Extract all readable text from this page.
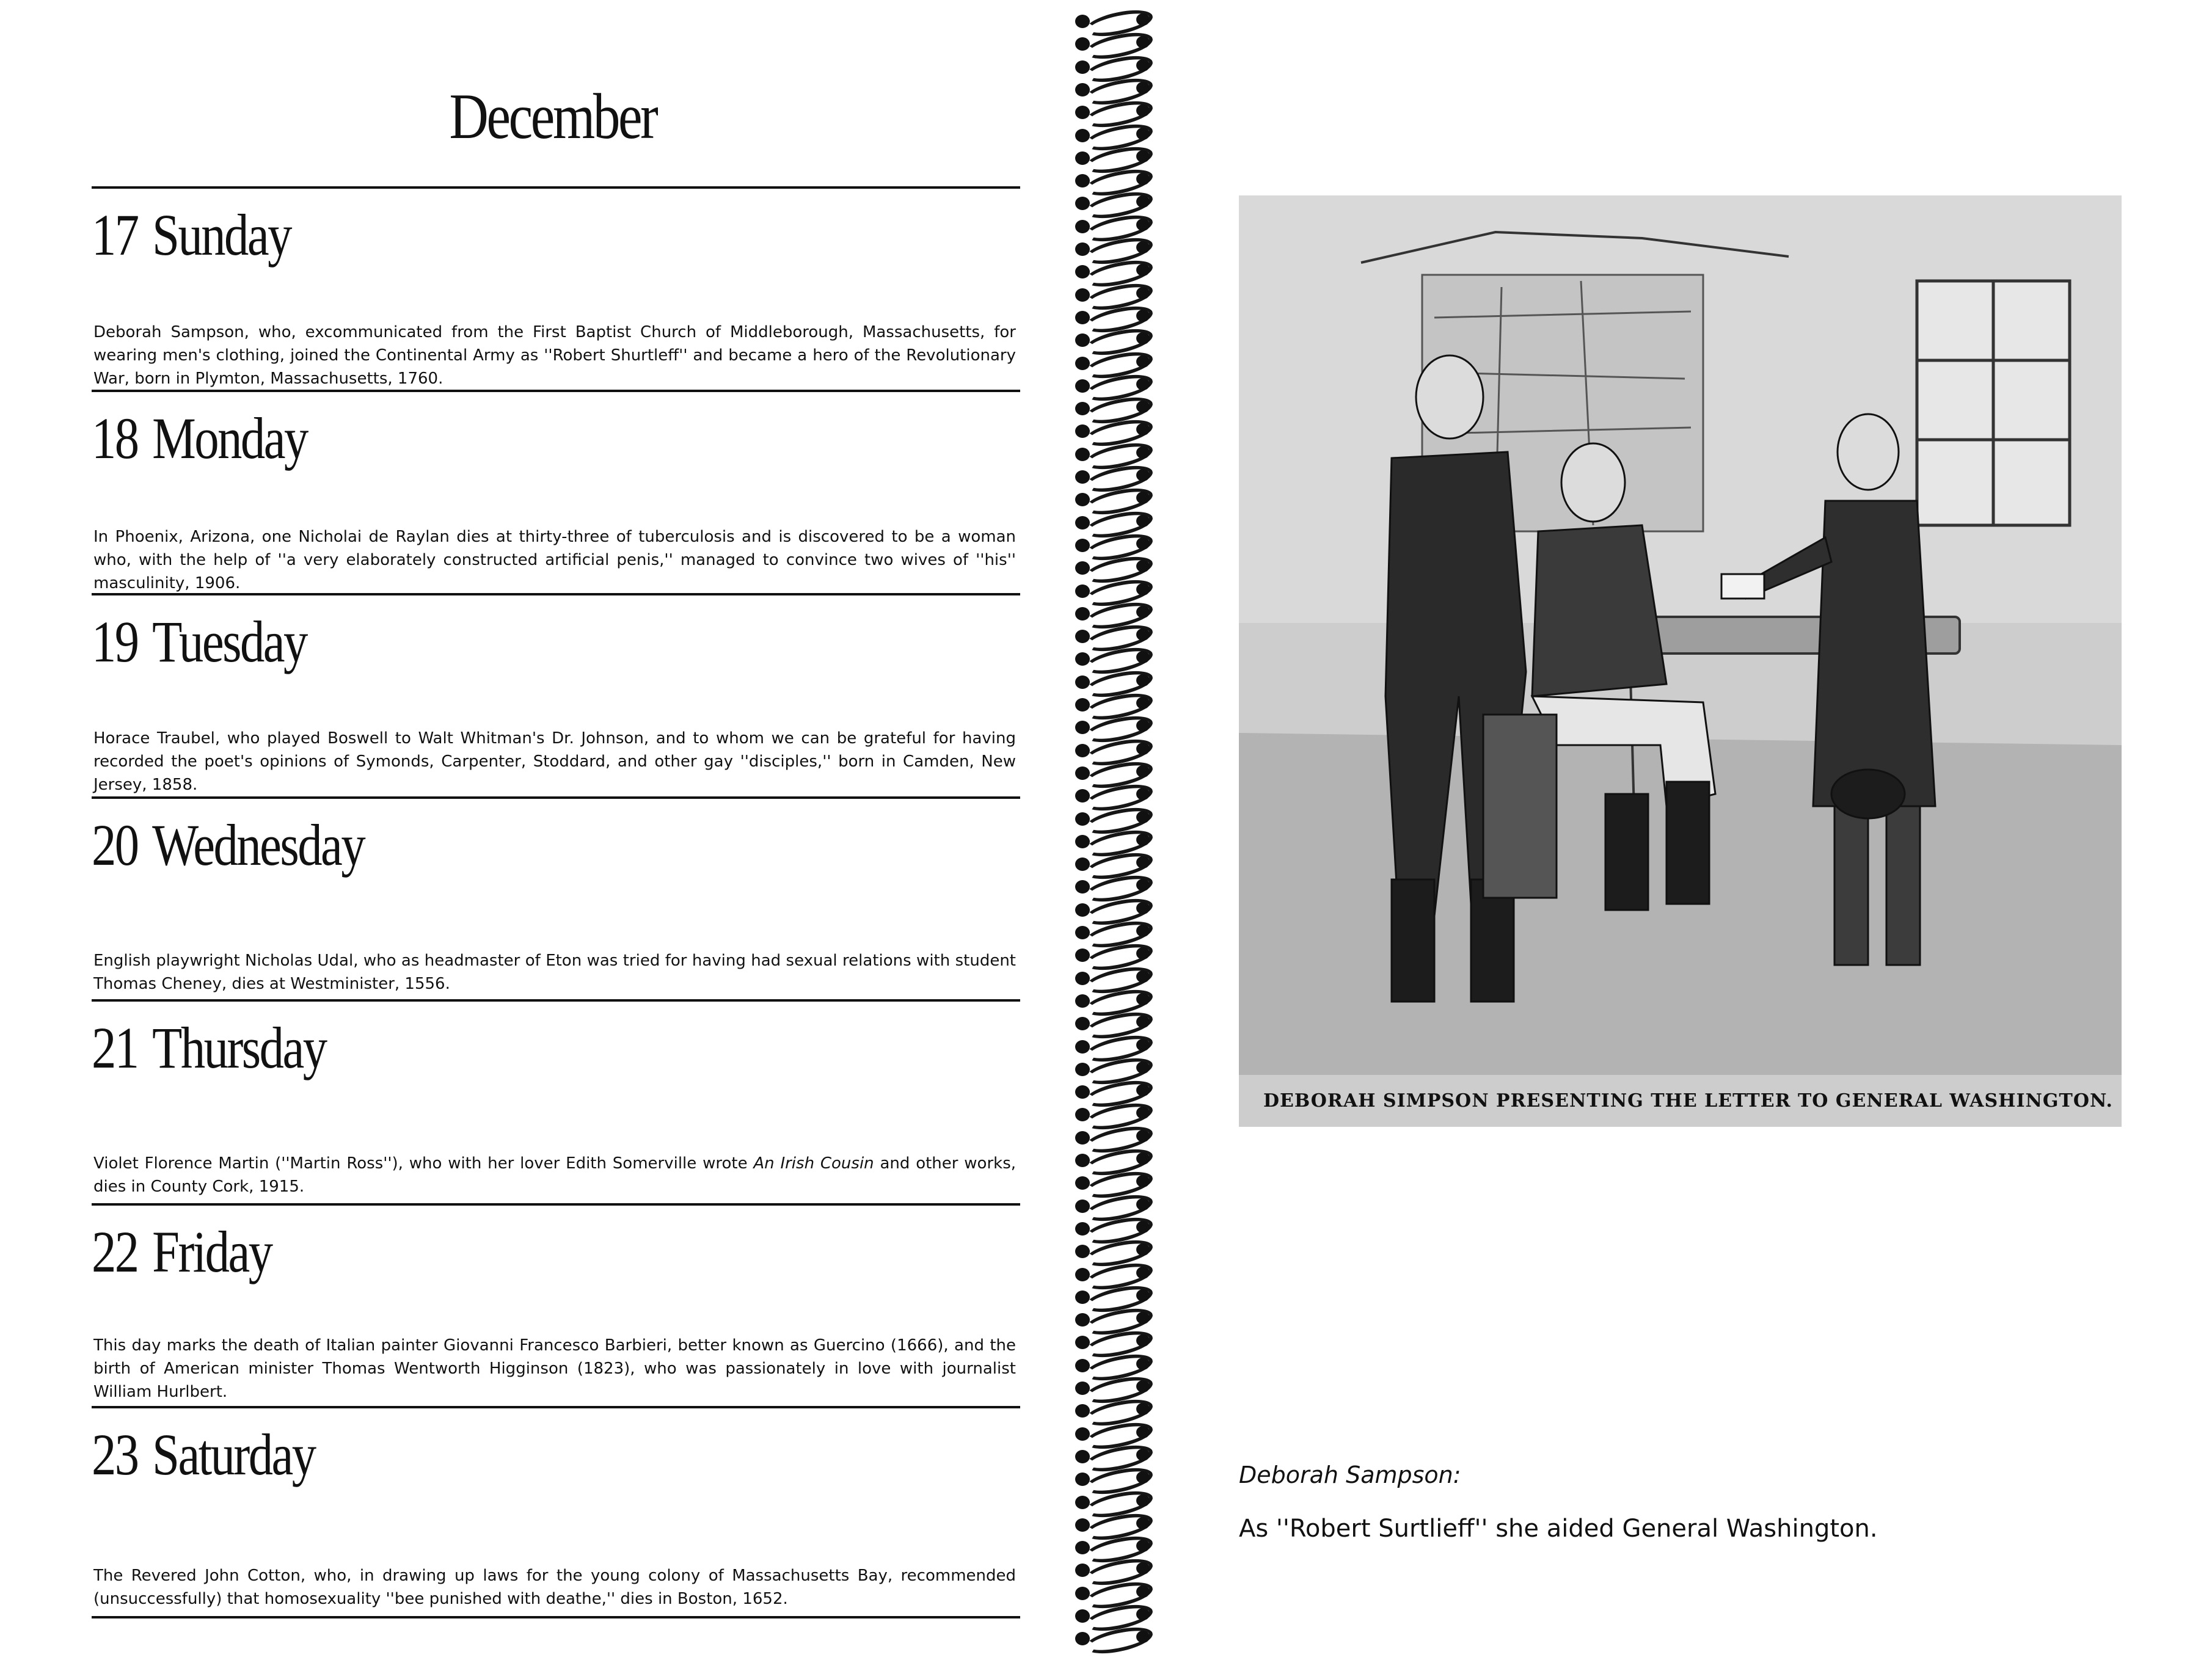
December
17 Sunday
Deborah Sampson, who, excommunicated from the First Baptist Church of Middleborough, Massachusetts, for wearing men's clothing, joined the Continental Army as ''Robert Shurtleff'' and became a hero of the Revolutionary War, born in Plymton, Massachusetts, 1760.
18 Monday
In Phoenix, Arizona, one Nicholai de Raylan dies at thirty-three of tuberculosis and is discovered to be a woman who, with the help of ''a very elaborately constructed artificial penis,'' managed to convince two wives of ''his'' masculinity, 1906.
19 Tuesday
Horace Traubel, who played Boswell to Walt Whitman's Dr. Johnson, and to whom we can be grateful for having recorded the poet's opinions of Symonds, Carpenter, Stoddard, and other gay ''disciples,'' born in Camden, New Jersey, 1858.
20 Wednesday
English playwright Nicholas Udal, who as headmaster of Eton was tried for having had sexual relations with student Thomas Cheney, dies at Westminister, 1556.
21 Thursday
Violet Florence Martin (''Martin Ross''), who with her lover Edith Somerville wrote An Irish Cousin and other works, dies in County Cork, 1915.
22 Friday
This day marks the death of Italian painter Giovanni Francesco Barbieri, better known as Guercino (1666), and the birth of American minister Thomas Wentworth Higginson (1823), who was passionately in love with journalist William Hurlbert.
23 Saturday
The Revered John Cotton, who, in drawing up laws for the young colony of Massachusetts Bay, recommended (unsuccessfully) that homosexuality ''bee punished with deathe,'' dies in Boston, 1652.
DEBORAH SIMPSON PRESENTING THE LETTER TO GENERAL WASHINGTON.
Deborah Sampson:
As ''Robert Surtlieff'' she aided General Washington.
